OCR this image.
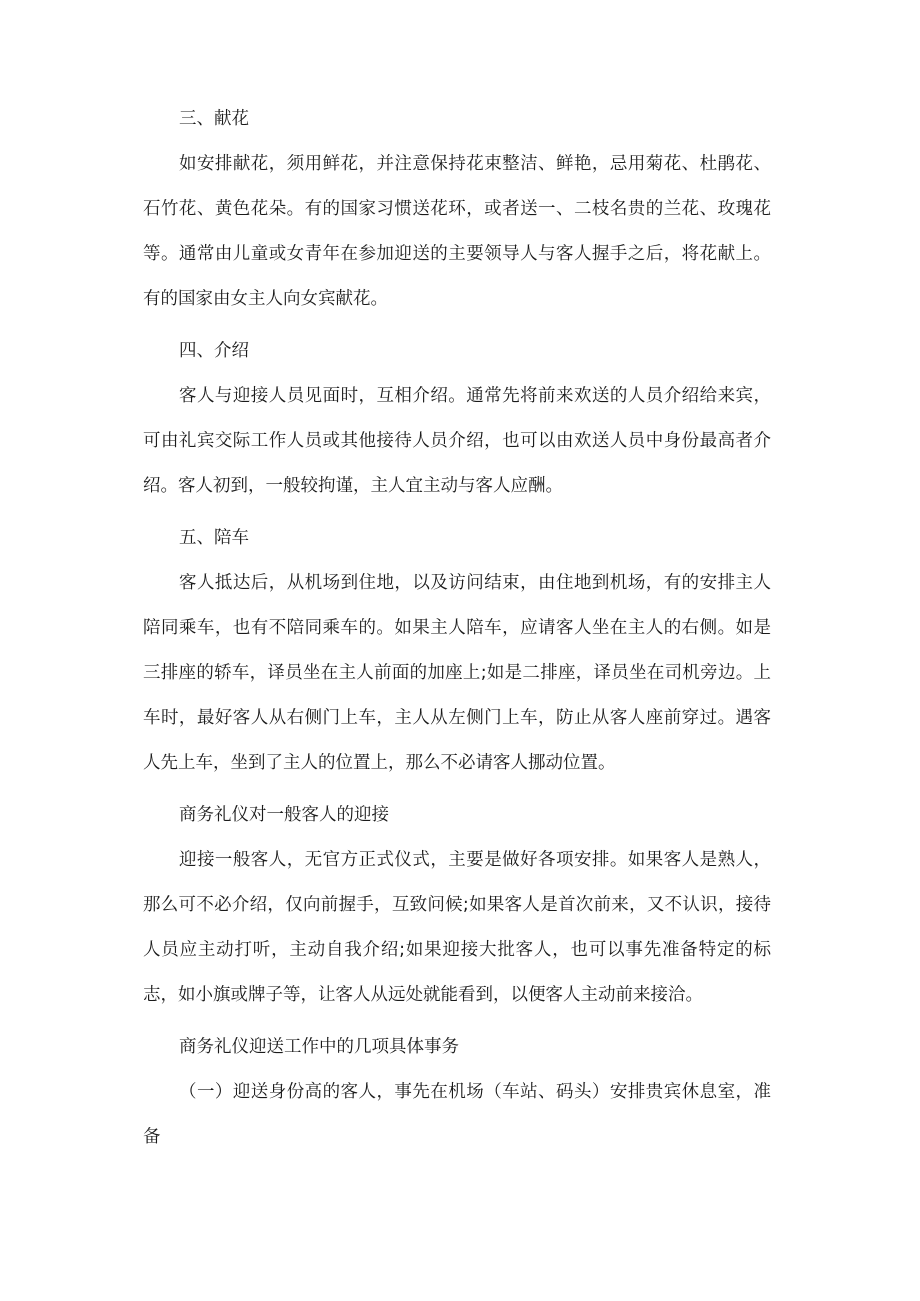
三、献花
如安排献花，须用鲜花，并注意保持花束整洁、鲜艳，忌用菊花、杜鹃花、石竹花、黄色花朵。有的国家习惯送花环，或者送一、二枝名贵的兰花、玫瑰花等。通常由儿童或女青年在参加迎送的主要领导人与客人握手之后，将花献上。有的国家由女主人向女宾献花。
四、介绍
客人与迎接人员见面时，互相介绍。通常先将前来欢送的人员介绍给来宾，可由礼宾交际工作人员或其他接待人员介绍，也可以由欢送人员中身份最高者介绍。客人初到，一般较拘谨，主人宜主动与客人应酬。
五、陪车
客人抵达后，从机场到住地，以及访问结束，由住地到机场，有的安排主人陪同乘车，也有不陪同乘车的。如果主人陪车，应请客人坐在主人的右侧。如是三排座的轿车，译员坐在主人前面的加座上;如是二排座，译员坐在司机旁边。上车时，最好客人从右侧门上车，主人从左侧门上车，防止从客人座前穿过。遇客人先上车，坐到了主人的位置上，那么不必请客人挪动位置。
商务礼仪对一般客人的迎接
迎接一般客人，无官方正式仪式，主要是做好各项安排。如果客人是熟人，那么可不必介绍，仅向前握手，互致问候;如果客人是首次前来，又不认识，接待人员应主动打听，主动自我介绍;如果迎接大批客人，也可以事先准备特定的标志，如小旗或牌子等，让客人从远处就能看到，以便客人主动前来接洽。
商务礼仪迎送工作中的几项具体事务
（一）迎送身份高的客人，事先在机场（车站、码头）安排贵宾休息室，准备
